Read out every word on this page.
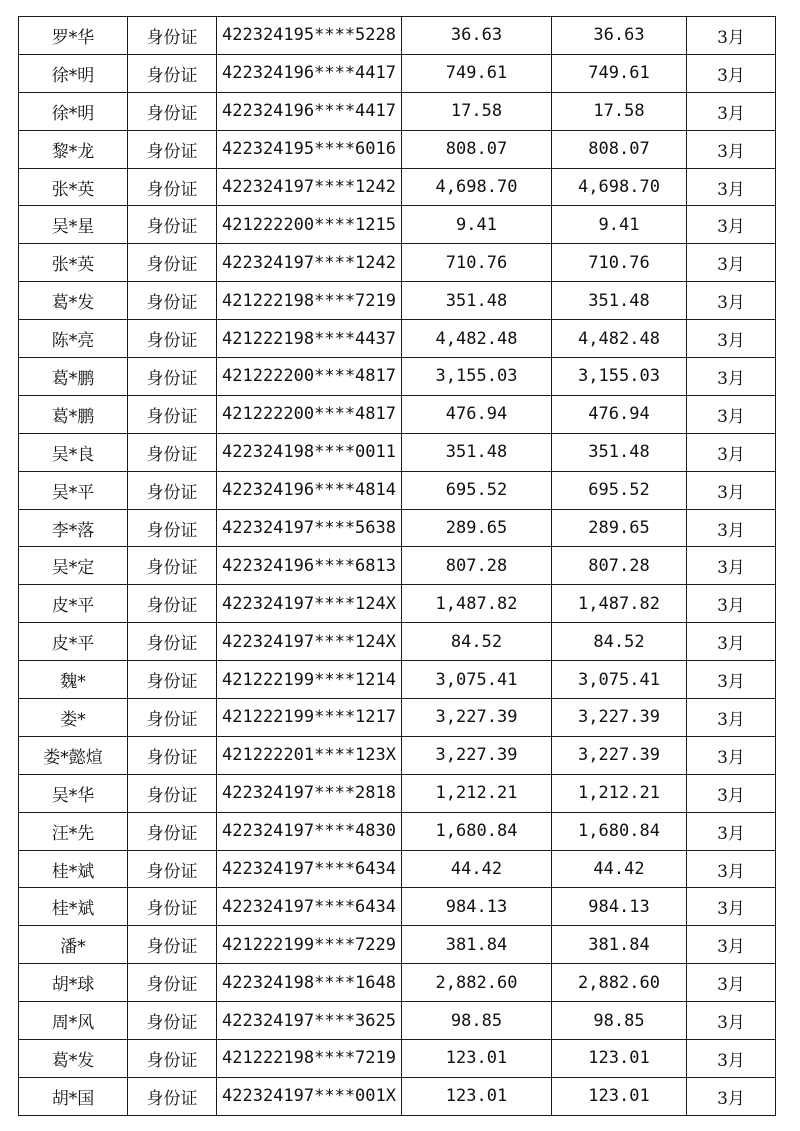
罗*华	身份证	422324195****5228	36.63	36.63	3月
徐*明	身份证	422324196****4417	749.61	749.61	3月
徐*明	身份证	422324196****4417	17.58	17.58	3月
黎*龙	身份证	422324195****6016	808.07	808.07	3月
张*英	身份证	422324197****1242	4,698.70	4,698.70	3月
吴*星	身份证	421222200****1215	9.41	9.41	3月
张*英	身份证	422324197****1242	710.76	710.76	3月
葛*发	身份证	421222198****7219	351.48	351.48	3月
陈*亮	身份证	421222198****4437	4,482.48	4,482.48	3月
葛*鹏	身份证	421222200****4817	3,155.03	3,155.03	3月
葛*鹏	身份证	421222200****4817	476.94	476.94	3月
吴*良	身份证	422324198****0011	351.48	351.48	3月
吴*平	身份证	422324196****4814	695.52	695.52	3月
李*落	身份证	422324197****5638	289.65	289.65	3月
吴*定	身份证	422324196****6813	807.28	807.28	3月
皮*平	身份证	422324197****124X	1,487.82	1,487.82	3月
皮*平	身份证	422324197****124X	84.52	84.52	3月
魏*	身份证	421222199****1214	3,075.41	3,075.41	3月
娄*	身份证	421222199****1217	3,227.39	3,227.39	3月
娄*懿煊	身份证	421222201****123X	3,227.39	3,227.39	3月
吴*华	身份证	422324197****2818	1,212.21	1,212.21	3月
汪*先	身份证	422324197****4830	1,680.84	1,680.84	3月
桂*斌	身份证	422324197****6434	44.42	44.42	3月
桂*斌	身份证	422324197****6434	984.13	984.13	3月
潘*	身份证	421222199****7229	381.84	381.84	3月
胡*球	身份证	422324198****1648	2,882.60	2,882.60	3月
周*风	身份证	422324197****3625	98.85	98.85	3月
葛*发	身份证	421222198****7219	123.01	123.01	3月
胡*国	身份证	422324197****001X	123.01	123.01	3月
